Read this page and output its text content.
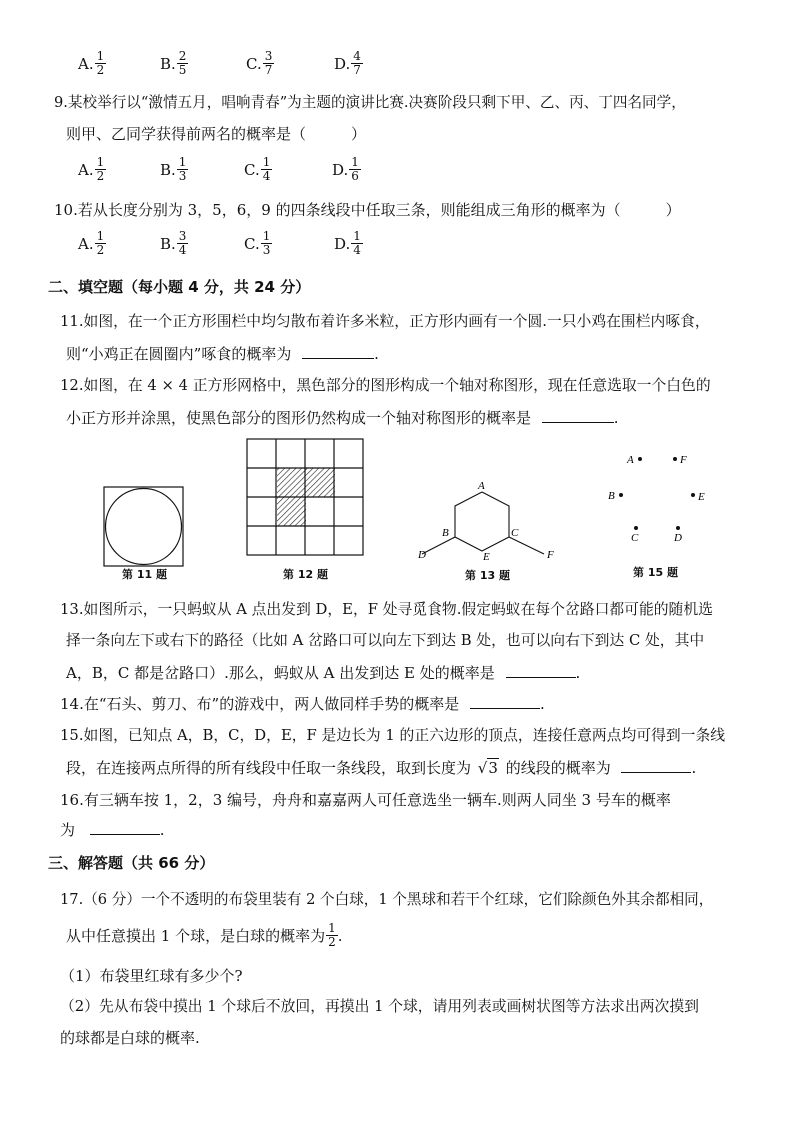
A. $\frac{1}{2}$	B. $\frac{2}{5}$	C. $\frac{3}{7}$	D. $\frac{4}{7}$
9.某校举行以“激情五月，唱响青春”为主题的演讲比赛.决赛阶段只剩下甲、乙、丙、丁四名同学，
则甲、乙同学获得前两名的概率是（　　　）
A. $\frac{1}{2}$	B. $\frac{1}{3}$	C. $\frac{1}{4}$	D. $\frac{1}{6}$
10.若从长度分别为 3，5，6，9 的四条线段中任取三条，则能组成三角形的概率为（　　　）
A. $\frac{1}{2}$	B. $\frac{3}{4}$	C. $\frac{1}{3}$	D. $\frac{1}{4}$
二、填空题（每小题 4 分，共 24 分）
11.如图，在一个正方形围栏中均匀散布着许多米粒，正方形内画有一个圆.一只小鸡在围栏内啄食，
则“小鸡正在圆圈内”啄食的概率为	.
12.如图，在 4 × 4 正方形网格中，黑色部分的图形构成一个轴对称图形，现在任意选取一个白色的
小正方形并涂黑，使黑色部分的图形仍然构成一个轴对称图形的概率是	.
A
B	C
D	E	F
A	F
B	E
C	D
第 11 题	第 12 题	第 13 题	第 15 题
13.如图所示，一只蚂蚁从 A 点出发到 D，E，F 处寻觅食物.假定蚂蚁在每个岔路口都可能的随机选
择一条向左下或右下的路径（比如 A 岔路口可以向左下到达 B 处，也可以向右下到达 C 处，其中
A，B，C 都是岔路口）.那么，蚂蚁从 A 出发到达 E 处的概率是	.
14.在“石头、剪刀、布”的游戏中，两人做同样手势的概率是	.
15.如图，已知点 A，B，C，D，E，F 是边长为 1 的正六边形的顶点，连接任意两点均可得到一条线
段，在连接两点所得的所有线段中任取一条线段，取到长度为 √3 的线段的概率为	.
16.有三辆车按 1，2，3 编号，舟舟和嘉嘉两人可任意选坐一辆车.则两人同坐 3 号车的概率
为	.
三、解答题（共 66 分）
17.（6 分）一个不透明的布袋里装有 2 个白球，1 个黑球和若干个红球，它们除颜色外其余都相同，
从中任意摸出 1 个球，是白球的概率为 $\frac{1}{2}$ .
（1）布袋里红球有多少个?
（2）先从布袋中摸出 1 个球后不放回，再摸出 1 个球，请用列表或画树状图等方法求出两次摸到
的球都是白球的概率.
